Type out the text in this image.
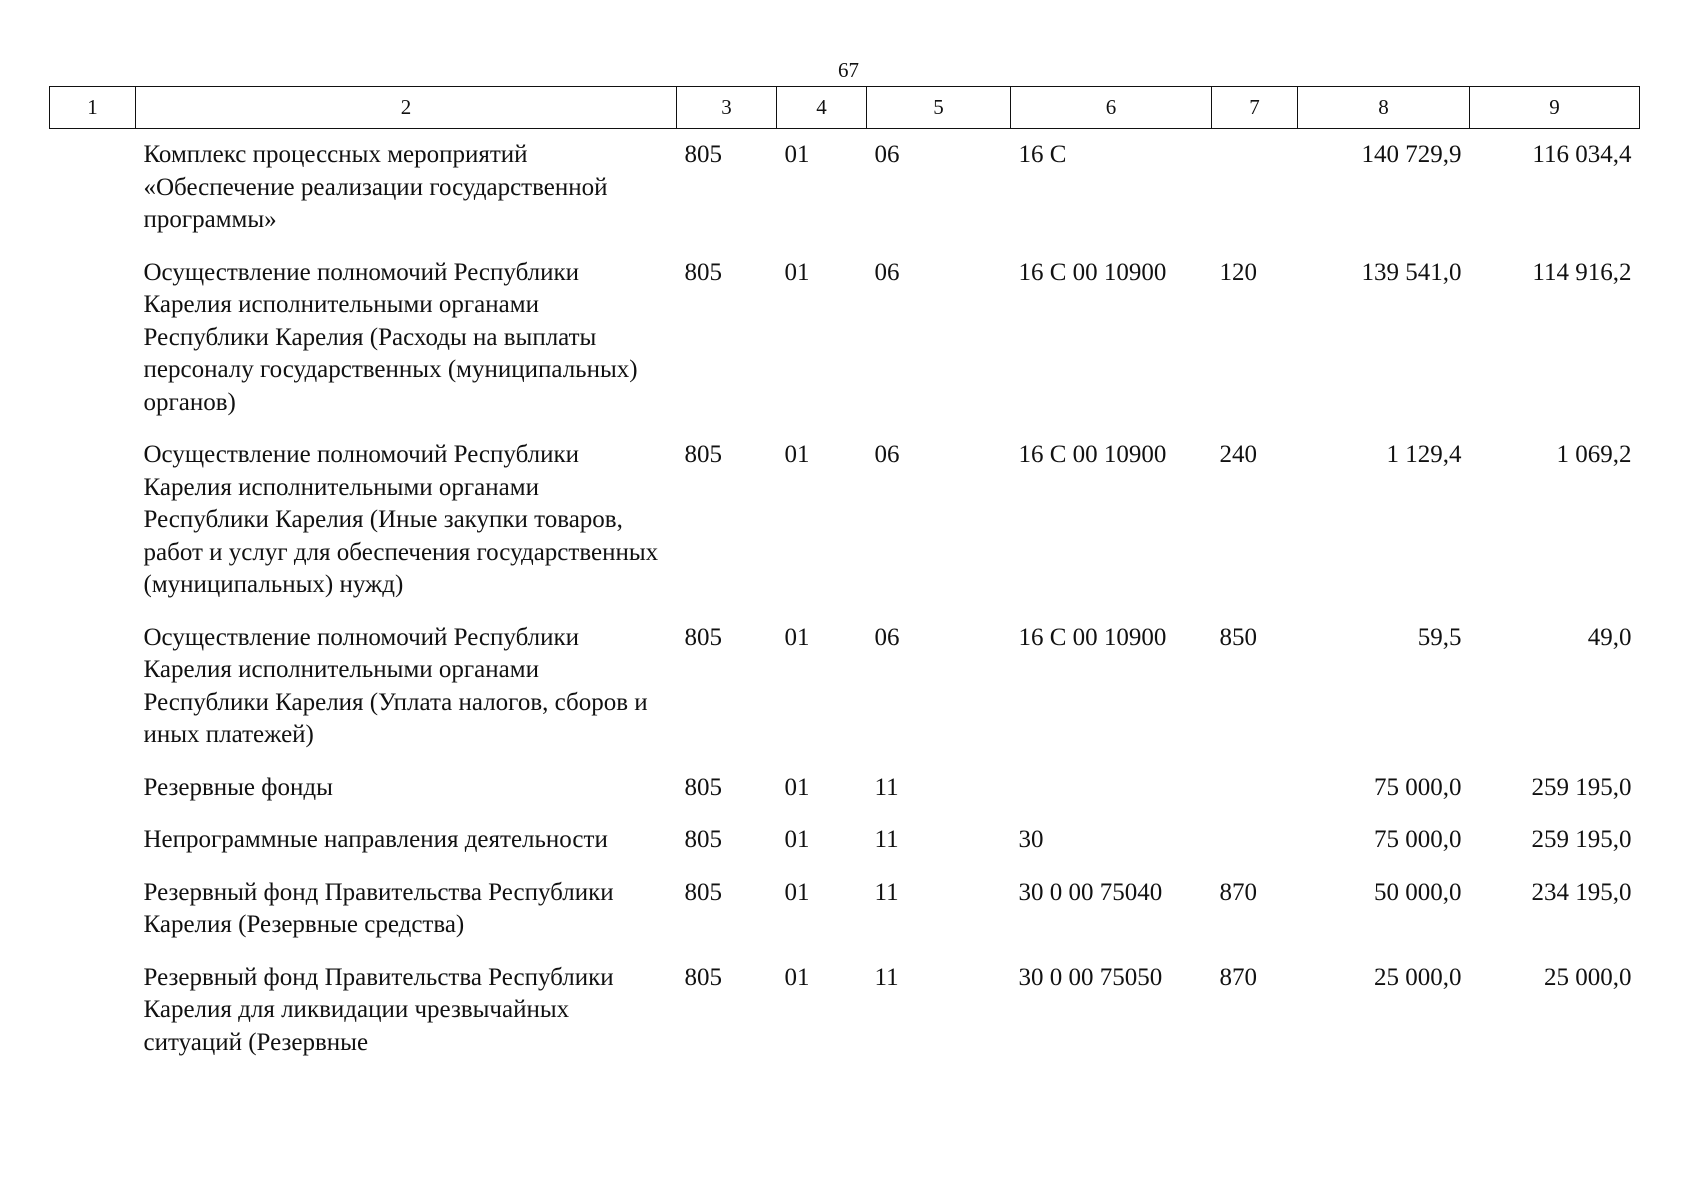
67
1	2	3	4	5	6	7	8	9
	Комплекс процессных мероприятий «Обеспечение реализации государственной программы»	805	01	06	16 С		140 729,9	116 034,4
	Осуществление полномочий Республики Карелия исполнительными органами Республики Карелия (Расходы на выплаты персоналу государственных (муниципальных) органов)	805	01	06	16 С 00 10900	120	139 541,0	114 916,2
	Осуществление полномочий Республики Карелия исполнительными органами Республики Карелия (Иные закупки товаров, работ и услуг для обеспечения государственных (муниципальных) нужд)	805	01	06	16 С 00 10900	240	1 129,4	1 069,2
	Осуществление полномочий Республики Карелия исполнительными органами Республики Карелия (Уплата налогов, сборов и иных платежей)	805	01	06	16 С 00 10900	850	59,5	49,0
	Резервные фонды	805	01	11			75 000,0	259 195,0
	Непрограммные направления деятельности	805	01	11	30		75 000,0	259 195,0
	Резервный фонд Правительства Республики Карелия (Резервные средства)	805	01	11	30 0 00 75040	870	50 000,0	234 195,0
	Резервный фонд Правительства Республики Карелия для ликвидации чрезвычайных ситуаций (Резервные	805	01	11	30 0 00 75050	870	25 000,0	25 000,0
